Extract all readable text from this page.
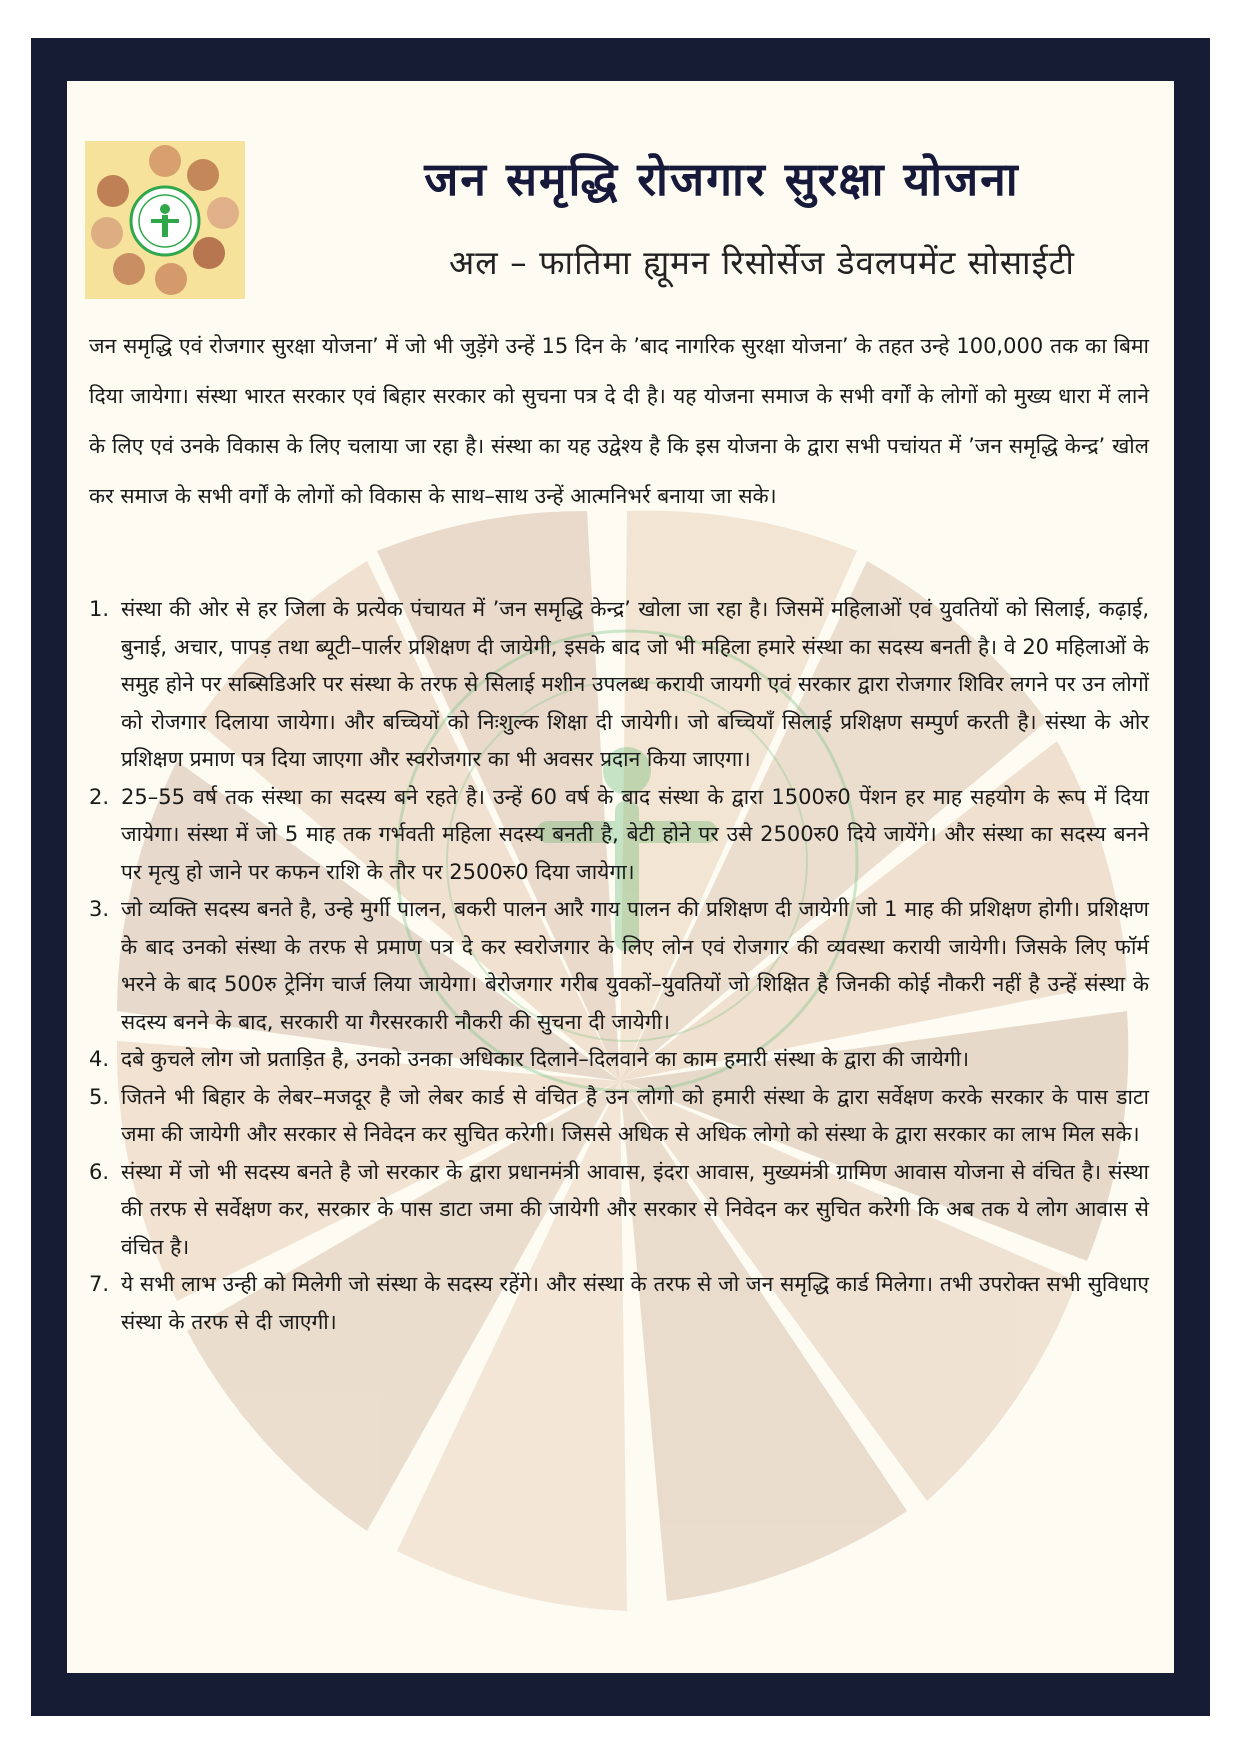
जन समृद्धि रोजगार सुरक्षा योजना
अल – फातिमा ह्यूमन रिसोर्सेज डेवलपमेंट सोसाईटी

जन समृद्धि एवं रोजगार सुरक्षा योजना’ में जो भी जुड़ेंगे उन्हें 15 दिन के ’बाद नागरिक सुरक्षा योजना’ के तहत उन्हे 100,000 तक का बिमा दिया जायेगा। संस्था भारत सरकार एवं बिहार सरकार को सुचना पत्र दे दी है। यह योजना समाज के सभी वर्गों के लोगों को मुख्य धारा में लाने के लिए एवं उनके विकास के लिए चलाया जा रहा है। संस्था का यह उद्वेश्य है कि इस योजना के द्वारा सभी पचांयत में ’जन समृद्धि केन्द्र’ खोल कर समाज के सभी वर्गों के लोगों को विकास के साथ–साथ उन्हें आत्मनिभर्र बनाया जा सके।

1. संस्था की ओर से हर जिला के प्रत्येक पंचायत में ’जन समृद्धि केन्द्र’ खोला जा रहा है। जिसमें महिलाओं एवं युवतियों को सिलाई, कढ़ाई, बुनाई, अचार, पापड़ तथा ब्यूटी–पार्लर प्रशिक्षण दी जायेगी, इसके बाद जो भी महिला हमारे संस्था का सदस्य बनती है। वे 20 महिलाओं के समुह होने पर सब्सिडिअरि पर संस्था के तरफ से सिलाई मशीन उपलब्ध करायी जायगी एवं सरकार द्वारा रोजगार शिविर लगने पर उन लोगों को रोजगार दिलाया जायेगा। और बच्चियों को निःशुल्क शिक्षा दी जायेगी। जो बच्चियाँ सिलाई प्रशिक्षण सम्पुर्ण करती है। संस्था के ओर प्रशिक्षण प्रमाण पत्र दिया जाएगा और स्वरोजगार का भी अवसर प्रदान किया जाएगा।
2. 25–55 वर्ष तक संस्था का सदस्य बने रहते है। उन्हें 60 वर्ष के बाद संस्था के द्वारा 1500रु0 पेंशन हर माह सहयोग के रूप में दिया जायेगा। संस्था में जो 5 माह तक गर्भवती महिला सदस्य बनती है, बेटी होने पर उसे 2500रु0 दिये जायेंगे। और संस्था का सदस्य बनने पर मृत्यु हो जाने पर कफन राशि के तौर पर 2500रु0 दिया जायेगा।
3. जो व्यक्ति सदस्य बनते है, उन्हे मुर्गी पालन, बकरी पालन आरै गाय पालन की प्रशिक्षण दी जायेगी जो 1 माह की प्रशिक्षण होगी। प्रशिक्षण के बाद उनको संस्था के तरफ से प्रमाण पत्र दे कर स्वरोजगार के लिए लोन एवं रोजगार की व्यवस्था करायी जायेगी। जिसके लिए फॉर्म भरने के बाद 500रु ट्रेनिंग चार्ज लिया जायेगा। बेरोजगार गरीब युवकों–युवतियों जो शिक्षित है जिनकी कोई नौकरी नहीं है उन्हें संस्था के सदस्य बनने के बाद, सरकारी या गैरसरकारी नौकरी की सुचना दी जायेगी।
4. दबे कुचले लोग जो प्रताड़ित है, उनको उनका अधिकार दिलाने–दिलवाने का काम हमारी संस्था के द्वारा की जायेगी।
5. जितने भी बिहार के लेबर–मजदूर है जो लेबर कार्ड से वंचित है उन लोगो को हमारी संस्था के द्वारा सर्वेक्षण करके सरकार के पास डाटा जमा की जायेगी और सरकार से निवेदन कर सुचित करेगी। जिससे अधिक से अधिक लोगो को संस्था के द्वारा सरकार का लाभ मिल सके।
6. संस्था में जो भी सदस्य बनते है जो सरकार के द्वारा प्रधानमंत्री आवास, इंदरा आवास, मुख्यमंत्री ग्रामिण आवास योजना से वंचित है। संस्था की तरफ से सर्वेक्षण कर, सरकार के पास डाटा जमा की जायेगी और सरकार से निवेदन कर सुचित करेगी कि अब तक ये लोग आवास से वंचित है।
7. ये सभी लाभ उन्ही को मिलेगी जो संस्था के सदस्य रहेंगे। और संस्था के तरफ से जो जन समृद्धि कार्ड मिलेगा। तभी उपरोक्त सभी सुविधाए संस्था के तरफ से दी जाएगी।
